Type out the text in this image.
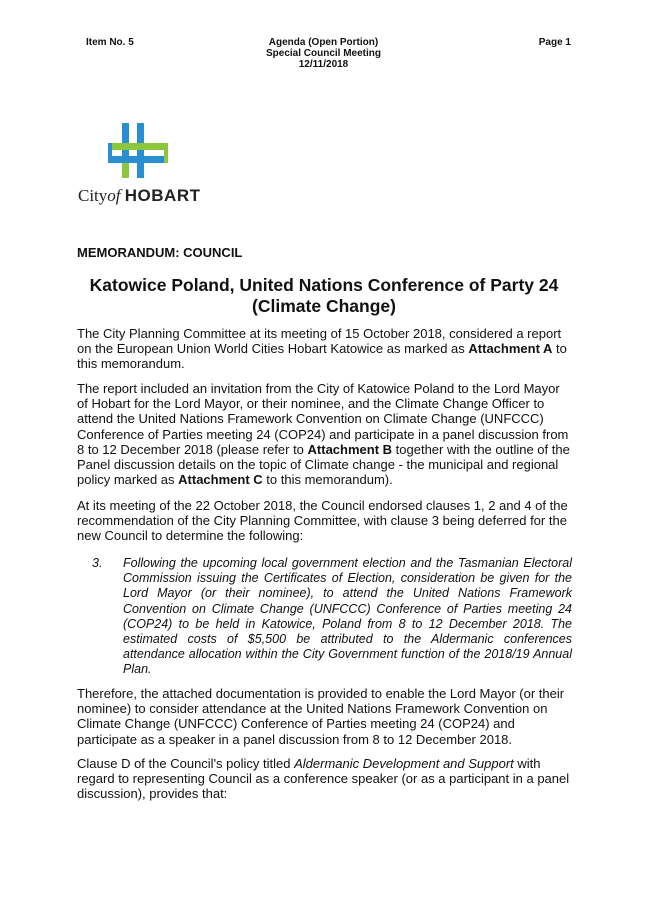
Item No. 5	Agenda (Open Portion)
Special Council Meeting
12/11/2018
Page 1
Cityof HOBART
MEMORANDUM: COUNCIL
Katowice Poland, United Nations Conference of Party 24
(Climate Change)
The City Planning Committee at its meeting of 15 October 2018, considered a report on the European Union World Cities Hobart Katowice as marked as Attachment A to this memorandum.
The report included an invitation from the City of Katowice Poland to the Lord Mayor of Hobart for the Lord Mayor, or their nominee, and the Climate Change Officer to attend the United Nations Framework Convention on Climate Change (UNFCCC) Conference of Parties meeting 24 (COP24) and participate in a panel discussion from 8 to 12 December 2018 (please refer to Attachment B together with the outline of the Panel discussion details on the topic of Climate change - the municipal and regional policy marked as Attachment C to this memorandum).
At its meeting of the 22 October 2018, the Council endorsed clauses 1, 2 and 4 of the recommendation of the City Planning Committee, with clause 3 being deferred for the new Council to determine the following:
3. Following the upcoming local government election and the Tasmanian Electoral Commission issuing the Certificates of Election, consideration be given for the Lord Mayor (or their nominee), to attend the United Nations Framework Convention on Climate Change (UNFCCC) Conference of Parties meeting 24 (COP24) to be held in Katowice, Poland from 8 to 12 December 2018. The estimated costs of $5,500 be attributed to the Aldermanic conferences attendance allocation within the City Government function of the 2018/19 Annual Plan.
Therefore, the attached documentation is provided to enable the Lord Mayor (or their nominee) to consider attendance at the United Nations Framework Convention on Climate Change (UNFCCC) Conference of Parties meeting 24 (COP24) and participate as a speaker in a panel discussion from 8 to 12 December 2018.
Clause D of the Council's policy titled Aldermanic Development and Support with regard to representing Council as a conference speaker (or as a participant in a panel discussion), provides that:
